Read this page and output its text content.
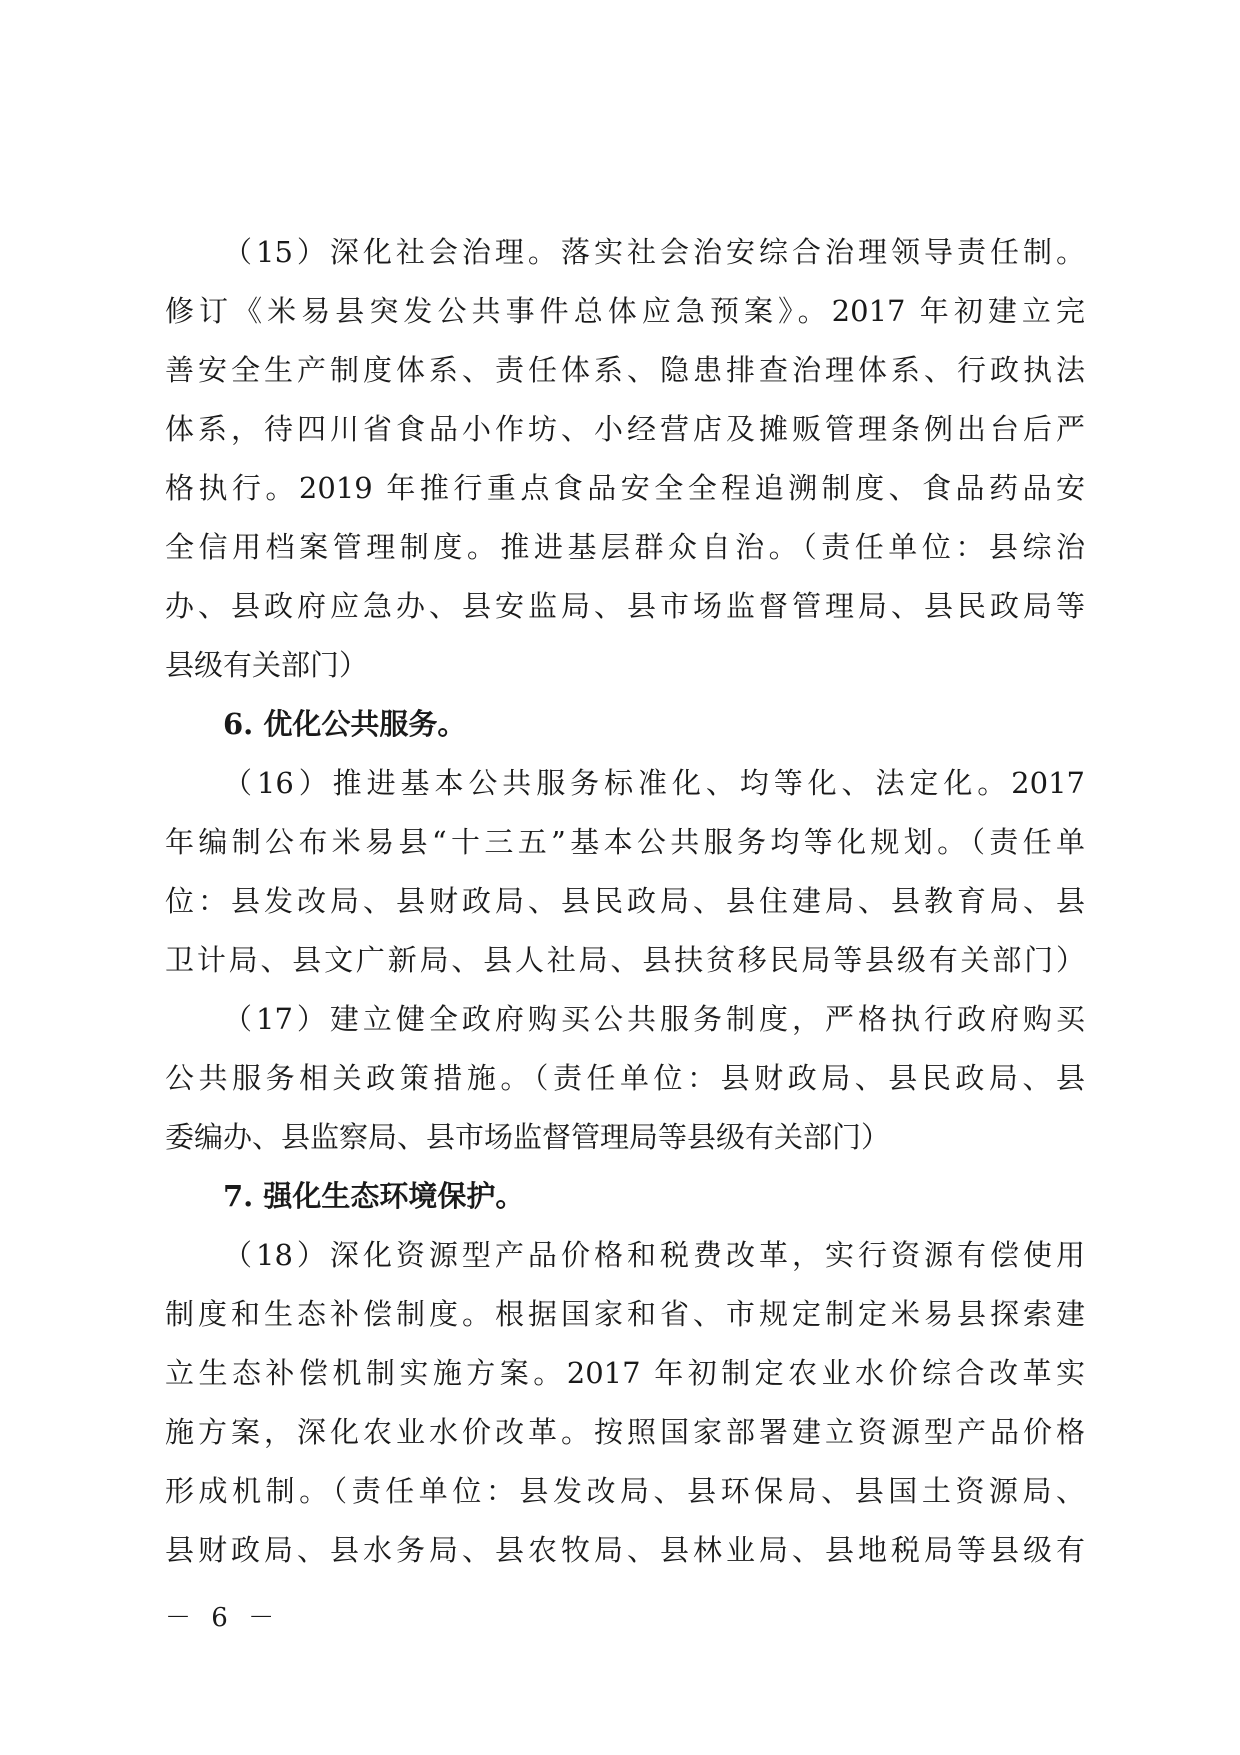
（15）深化社会治理。落实社会治安综合治理领导责任制。
修订《米易县突发公共事件总体应急预案》。2017 年初建立完
善安全生产制度体系、责任体系、隐患排查治理体系、行政执法
体系，待四川省食品小作坊、小经营店及摊贩管理条例出台后严
格执行。2019 年推行重点食品安全全程追溯制度、食品药品安
全信用档案管理制度。推进基层群众自治。（责任单位：县综治
办、县政府应急办、县安监局、县市场监督管理局、县民政局等
县级有关部门）
6. 优化公共服务。
（16）推进基本公共服务标准化、均等化、法定化。2017
年编制公布米易县“十三五”基本公共服务均等化规划。（责任单
位：县发改局、县财政局、县民政局、县住建局、县教育局、县
卫计局、县文广新局、县人社局、县扶贫移民局等县级有关部门）
（17）建立健全政府购买公共服务制度，严格执行政府购买
公共服务相关政策措施。（责任单位：县财政局、县民政局、县
委编办、县监察局、县市场监督管理局等县级有关部门）
7. 强化生态环境保护。
（18）深化资源型产品价格和税费改革，实行资源有偿使用
制度和生态补偿制度。根据国家和省、市规定制定米易县探索建
立生态补偿机制实施方案。2017 年初制定农业水价综合改革实
施方案，深化农业水价改革。按照国家部署建立资源型产品价格
形成机制。（责任单位：县发改局、县环保局、县国土资源局、
县财政局、县水务局、县农牧局、县林业局、县地税局等县级有
－ 6 －
